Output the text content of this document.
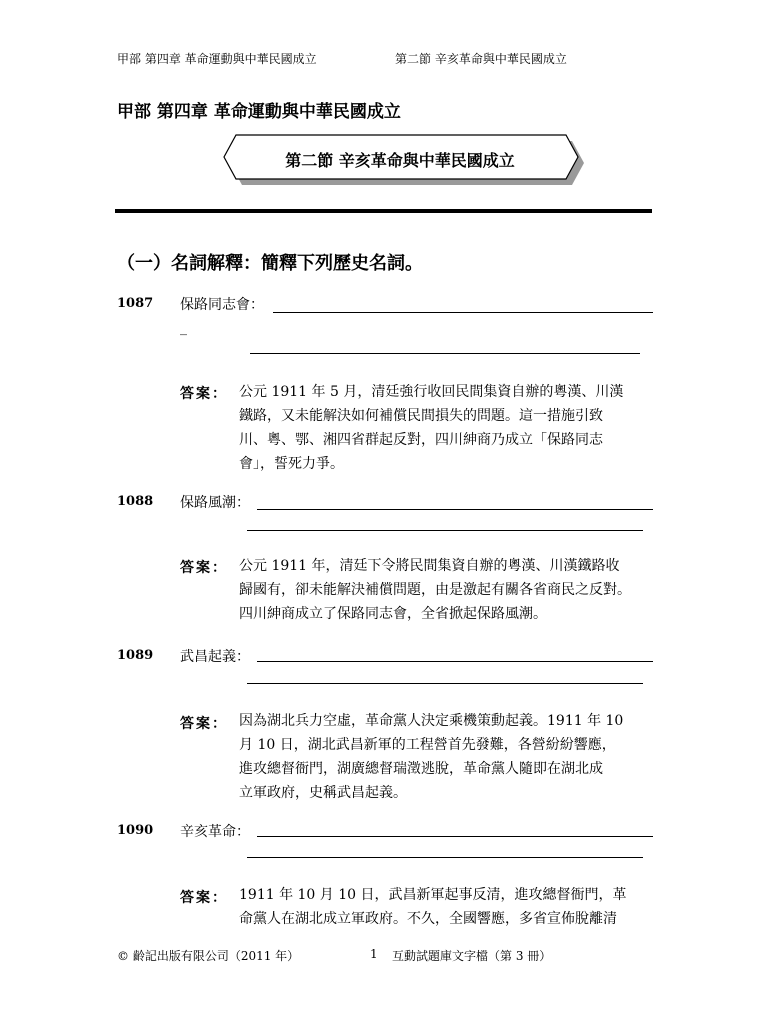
甲部 第四章 革命運動與中華民國成立	第二節 辛亥革命與中華民國成立
甲部 第四章 革命運動與中華民國成立
第二節 辛亥革命與中華民國成立
（一）名詞解釋：簡釋下列歷史名詞。
1087 保路同志會：
_
答案： 公元 1911 年 5 月，清廷強行收回民間集資自辦的粵漢、川漢
鐵路，又未能解決如何補償民間損失的問題。這一措施引致
川、粵、鄂、湘四省群起反對，四川紳商乃成立「保路同志
會」，誓死力爭。
1088 保路風潮：
答案： 公元 1911 年，清廷下令將民間集資自辦的粵漢、川漢鐵路收
歸國有，卻未能解決補償問題，由是激起有關各省商民之反對。
四川紳商成立了保路同志會，全省掀起保路風潮。
1089 武昌起義：
答案： 因為湖北兵力空虛，革命黨人決定乘機策動起義。1911 年 10
月 10 日，湖北武昌新軍的工程營首先發難，各營紛紛響應，
進攻總督衙門，湖廣總督瑞澂逃脫，革命黨人隨即在湖北成
立軍政府，史稱武昌起義。
1090 辛亥革命：
答案： 1911 年 10 月 10 日，武昌新軍起事反清，進攻總督衙門，革
命黨人在湖北成立軍政府。不久，全國響應，多省宣佈脫離清
© 齡記出版有限公司（2011 年）	1 互動試題庫文字檔（第 3 冊）
